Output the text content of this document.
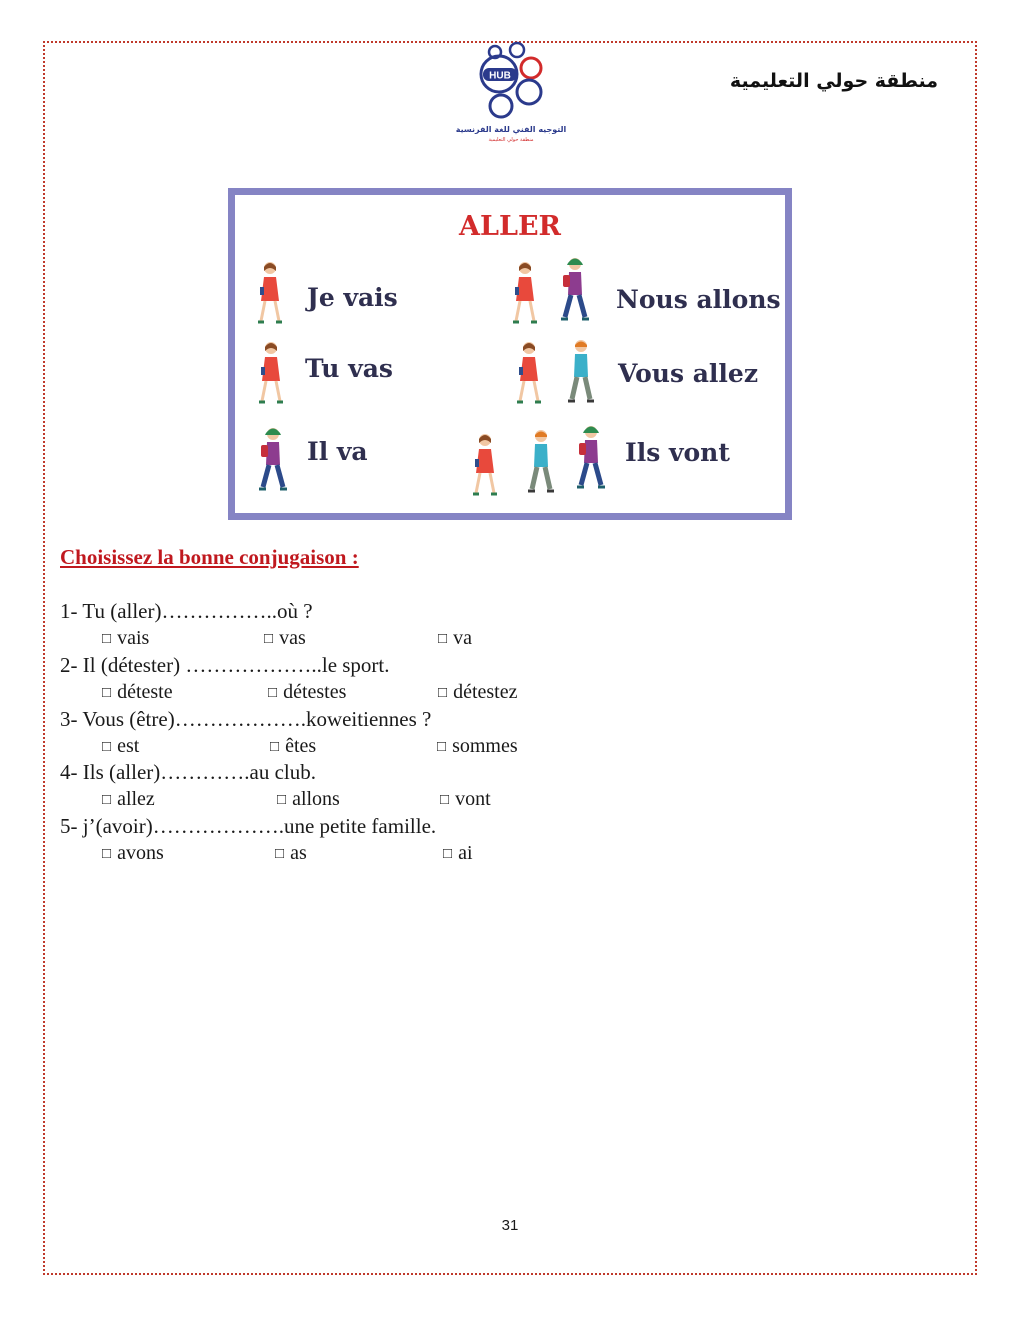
منطقة حولي التعليمية
HUB
التوجيه الفني للغة الفرنسية
منطقة حولي التعليمية
ALLER
Je vais
Tu vas
Il va
Nous allons
Vous allez
Ils vont
Choisissez la bonne conjugaison :
1- Tu (aller)……………..où ?
□ vais	□ vas	□ va
2- Il (détester) ………………..le sport.
□ déteste	□ détestes	□ détestez
3- Vous (être)……………….koweitiennes ?
□ est	□ êtes	□ sommes
4- Ils (aller)………….au club.
□ allez	□ allons	□ vont
5- j’(avoir)……………….une petite famille.
□ avons	□ as	□ ai
31
